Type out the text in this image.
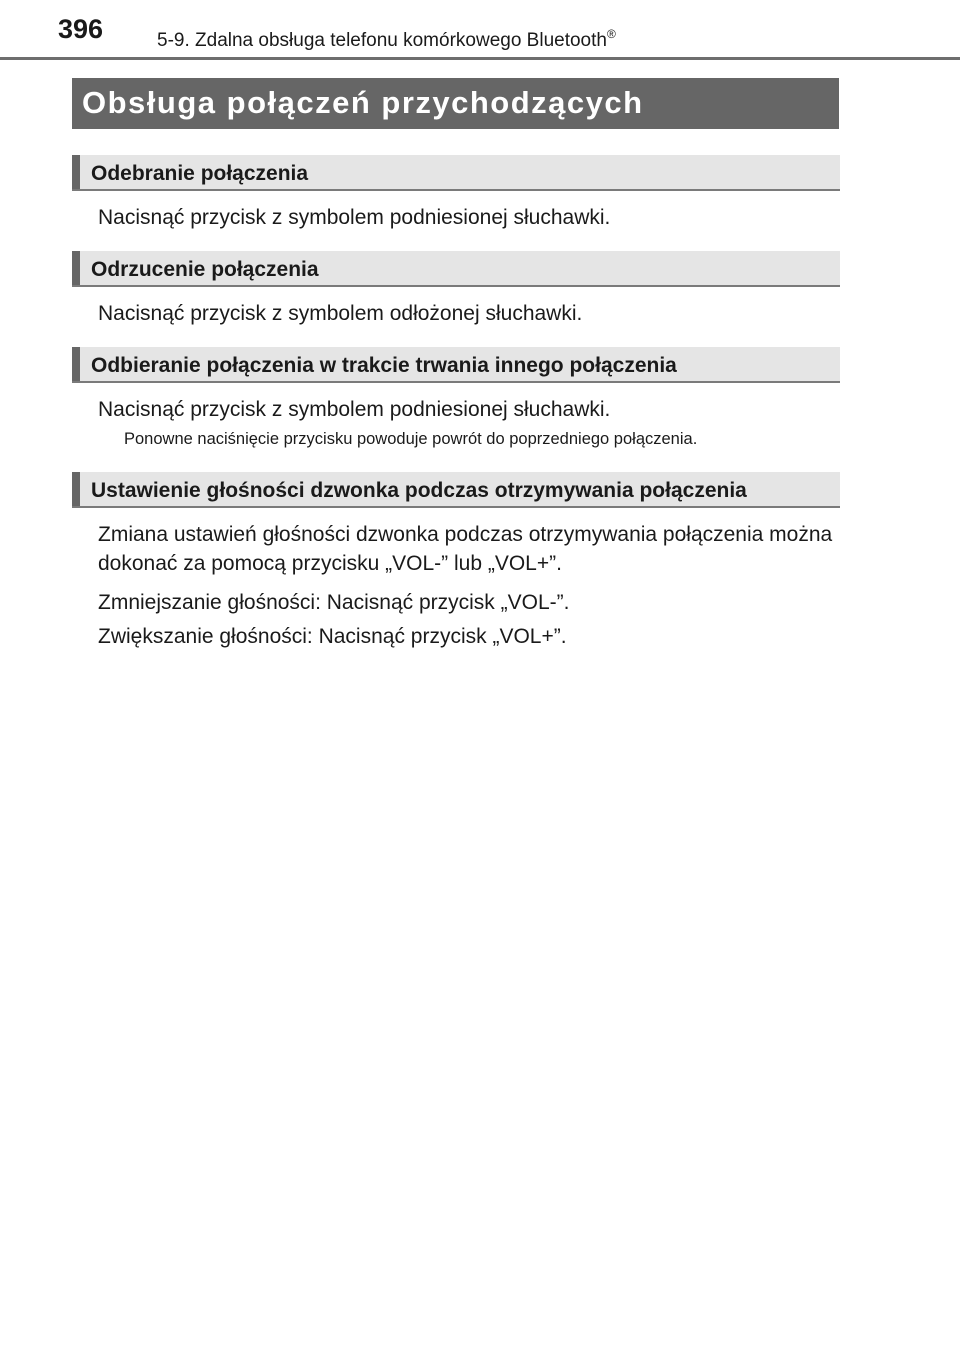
396	5-9. Zdalna obsługa telefonu komórkowego Bluetooth®
Obsługa połączeń przychodzących
Odebranie połączenia
Nacisnąć przycisk z symbolem podniesionej słuchawki.
Odrzucenie połączenia
Nacisnąć przycisk z symbolem odłożonej słuchawki.
Odbieranie połączenia w trakcie trwania innego połączenia
Nacisnąć przycisk z symbolem podniesionej słuchawki.
Ponowne naciśnięcie przycisku powoduje powrót do poprzedniego połączenia.
Ustawienie głośności dzwonka podczas otrzymywania połączenia
Zmiana ustawień głośności dzwonka podczas otrzymywania połączenia można dokonać za pomocą przycisku „VOL-” lub „VOL+”.
Zmniejszanie głośności: Nacisnąć przycisk „VOL-”.
Zwiększanie głośności: Nacisnąć przycisk „VOL+”.
